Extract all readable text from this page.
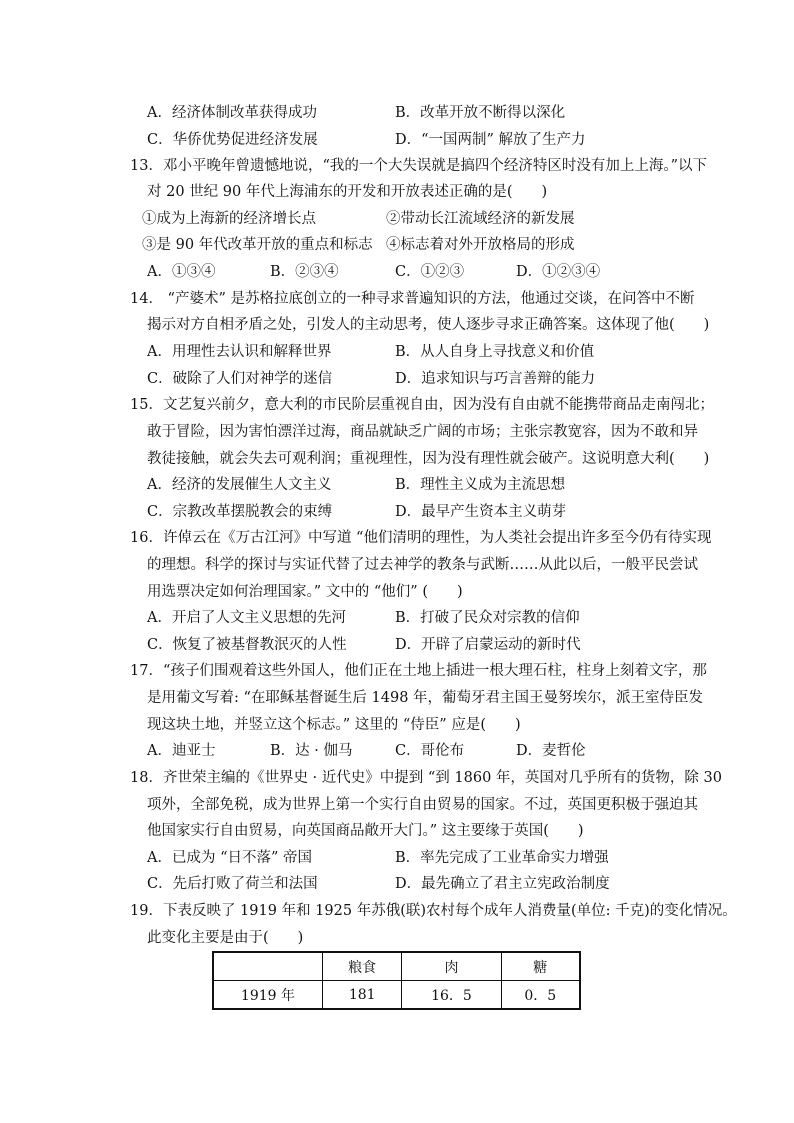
A．经济体制改革获得成功	B．改革开放不断得以深化
C．华侨优势促进经济发展	D．“一国两制” 解放了生产力
13．邓小平晚年曾遗憾地说，“我的一个大失误就是搞四个经济特区时没有加上上海。”以下
对 20 世纪 90 年代上海浦东的开发和开放表述正确的是(　　)
①成为上海新的经济增长点	②带动长江流域经济的新发展
③是 90 年代改革开放的重点和标志 ④标志着对外开放格局的形成
A．①③④	B．②③④	C．①②③	D．①②③④
14． “产婆术” 是苏格拉底创立的一种寻求普遍知识的方法，他通过交谈，在问答中不断
揭示对方自相矛盾之处，引发人的主动思考，使人逐步寻求正确答案。这体现了他(　　)
A．用理性去认识和解释世界	B．从人自身上寻找意义和价值
C．破除了人们对神学的迷信	D．追求知识与巧言善辩的能力
15．文艺复兴前夕，意大利的市民阶层重视自由，因为没有自由就不能携带商品走南闯北；
敢于冒险，因为害怕漂洋过海，商品就缺乏广阔的市场；主张宗教宽容，因为不敢和异
教徒接触，就会失去可观利润；重视理性，因为没有理性就会破产。这说明意大利(　　)
A．经济的发展催生人文主义	B．理性主义成为主流思想
C．宗教改革摆脱教会的束缚	D．最早产生资本主义萌芽
16．许倬云在《万古江河》中写道 “他们清明的理性，为人类社会提出许多至今仍有待实现
的理想。科学的探讨与实证代替了过去神学的教条与武断……从此以后，一般平民尝试
用选票决定如何治理国家。” 文中的 “他们” (　　)
A．开启了人文主义思想的先河	B．打破了民众对宗教的信仰
C．恢复了被基督教泯灭的人性	D．开辟了启蒙运动的新时代
17．“孩子们围观着这些外国人，他们正在土地上插进一根大理石柱，柱身上刻着文字，那
是用葡文写着: “在耶稣基督诞生后 1498 年，葡萄牙君主国王曼努埃尔，派王室侍臣发
现这块土地，并竖立这个标志。” 这里的 “侍臣” 应是(　　)
A．迪亚士	B．达 · 伽马	C．哥伦布	D．麦哲伦
18．齐世荣主编的《世界史 · 近代史》中提到 “到 1860 年，英国对几乎所有的货物，除 30
项外，全部免税，成为世界上第一个实行自由贸易的国家。不过，英国更积极于强迫其
他国家实行自由贸易，向英国商品敞开大门。” 这主要缘于英国(　　)
A．已成为 “日不落” 帝国	B．率先完成了工业革命实力增强
C．先后打败了荷兰和法国	D．最先确立了君主立宪政治制度
19．下表反映了 1919 年和 1925 年苏俄(联)农村每个成年人消费量(单位: 千克)的变化情况。
此变化主要是由于(　　)
	粮食	肉	糖
1919 年	181	16．5	0．5
